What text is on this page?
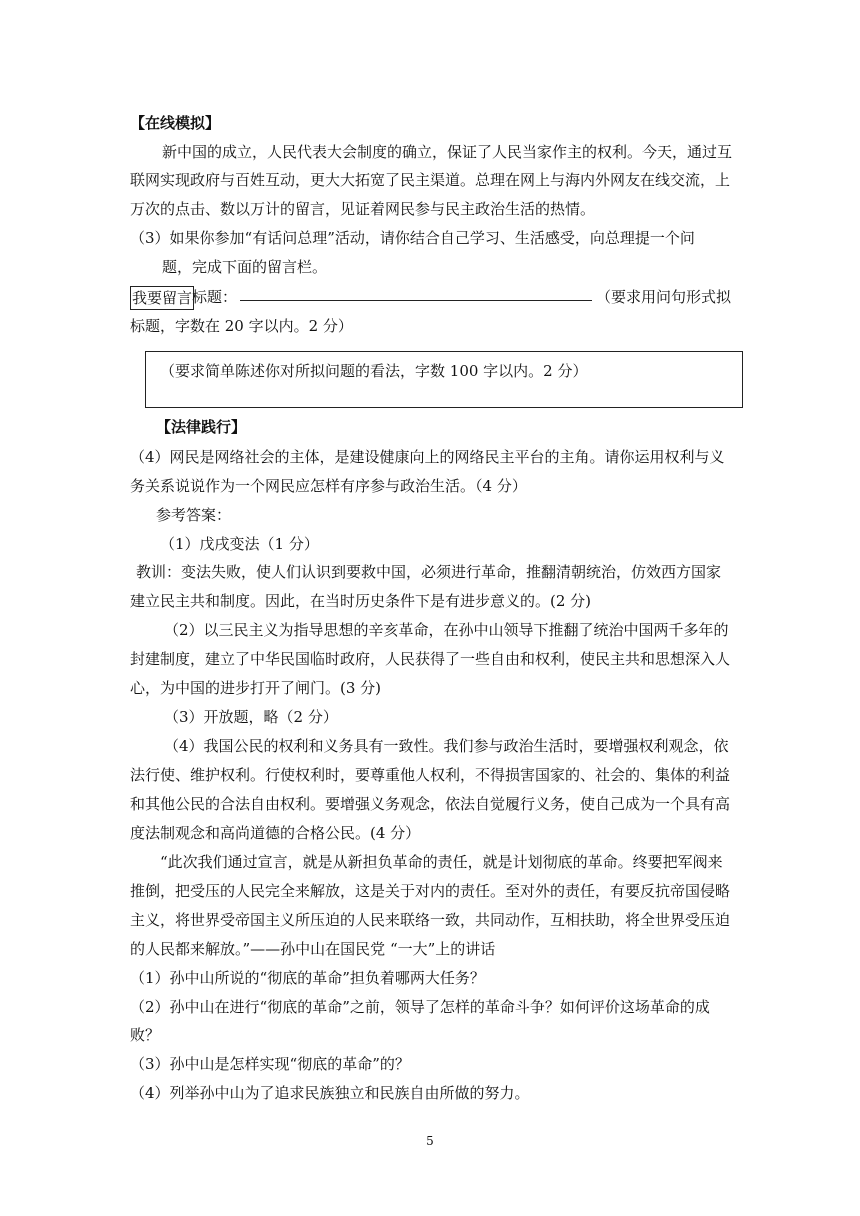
【在线模拟】
新中国的成立，人民代表大会制度的确立，保证了人民当家作主的权利。今天，通过互
联网实现政府与百姓互动，更大大拓宽了民主渠道。总理在网上与海内外网友在线交流，上
万次的点击、数以万计的留言，见证着网民参与民主政治生活的热情。
（3）如果你参加“有话问总理”活动，请你结合自己学习、生活感受，向总理提一个问
题，完成下面的留言栏。
我要留言 标题：	（要求用问句形式拟
标题，字数在 20 字以内。2 分）
（要求简单陈述你对所拟问题的看法，字数 100 字以内。2 分）
【法律践行】
（4）网民是网络社会的主体，是建设健康向上的网络民主平台的主角。请你运用权利与义
务关系说说作为一个网民应怎样有序参与政治生活。（4 分）
参考答案：
（1）戊戌变法（1 分）
教训：变法失败，使人们认识到要救中国，必须进行革命，推翻清朝统治，仿效西方国家
建立民主共和制度。因此，在当时历史条件下是有进步意义的。(2 分)
（2）以三民主义为指导思想的辛亥革命，在孙中山领导下推翻了统治中国两千多年的
封建制度，建立了中华民国临时政府，人民获得了一些自由和权利，使民主共和思想深入人
心，为中国的进步打开了闸门。(3 分)
（3）开放题，略（2 分）
（4）我国公民的权利和义务具有一致性。我们参与政治生活时，要增强权利观念，依
法行使、维护权利。行使权利时，要尊重他人权利，不得损害国家的、社会的、集体的利益
和其他公民的合法自由权利。要增强义务观念，依法自觉履行义务，使自己成为一个具有高
度法制观念和高尚道德的合格公民。(4 分）
“此次我们通过宣言，就是从新担负革命的责任，就是计划彻底的革命。终要把军阀来
推倒，把受压的人民完全来解放，这是关于对内的责任。至对外的责任，有要反抗帝国侵略
主义，将世界受帝国主义所压迫的人民来联络一致，共同动作，互相扶助，将全世界受压迫
的人民都来解放。”——孙中山在国民党 “一大”上的讲话
（1）孙中山所说的“彻底的革命”担负着哪两大任务？
（2）孙中山在进行“彻底的革命”之前，领导了怎样的革命斗争？如何评价这场革命的成
败？
（3）孙中山是怎样实现“彻底的革命”的？
（4）列举孙中山为了追求民族独立和民族自由所做的努力。
5
